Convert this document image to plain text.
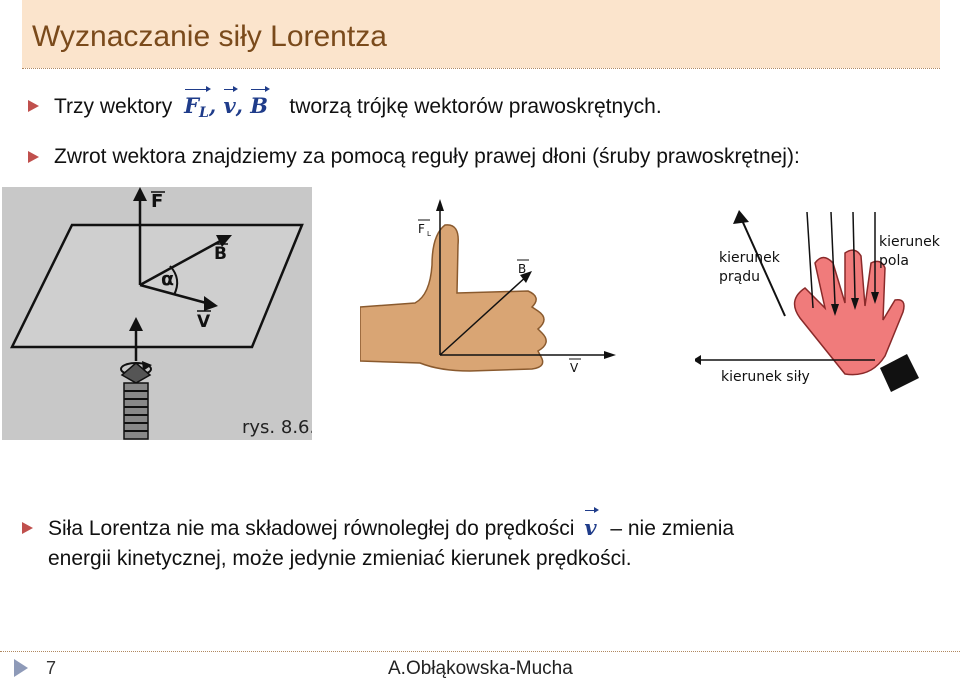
Wyznaczanie siły Lorentza
Trzy wektory $F_L$, v, B tworzą trójkę wektorów prawoskrętnych.
Zwrot wektora znajdziemy za pomocą reguły prawej dłoni (śruby prawoskrętnej):
F
B
V
α
rys. 8.6.
F L
B
V
kierunek
prądu
kierunek
pola
kierunek siły
Siła Lorentza nie ma składowej równoległej do prędkości v – nie zmienia
energii kinetycznej, może jedynie zmieniać kierunek prędkości.
7	A.Obłąkowska-Mucha
